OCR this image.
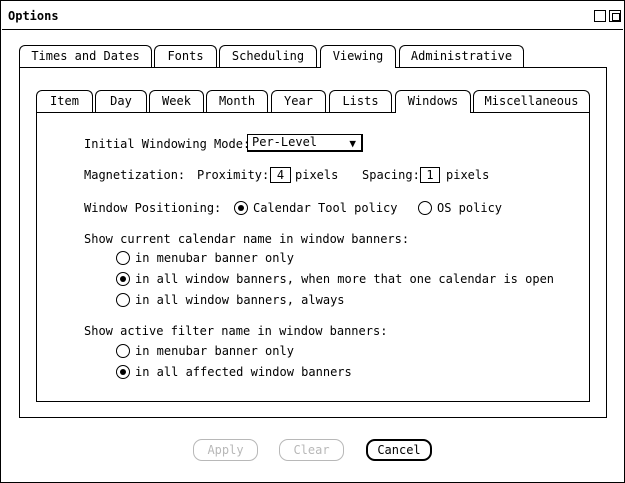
Options
Times and Dates	Fonts	Scheduling	Viewing	Administrative
Item	Day	Week	Month	Year	Lists	Windows	Miscellaneous
Initial Windowing Mode: Per-Level	▼
Magnetization: Proximity: 4 pixels Spacing: 1	pixels
Window Positioning:	Calendar Tool policy	OS policy
Show current calendar name in window banners:
in menubar banner only
in all window banners, when more that one calendar is open
in all window banners, always
Show active filter name in window banners:
in menubar banner only
in all affected window banners
Apply	Clear	Cancel
